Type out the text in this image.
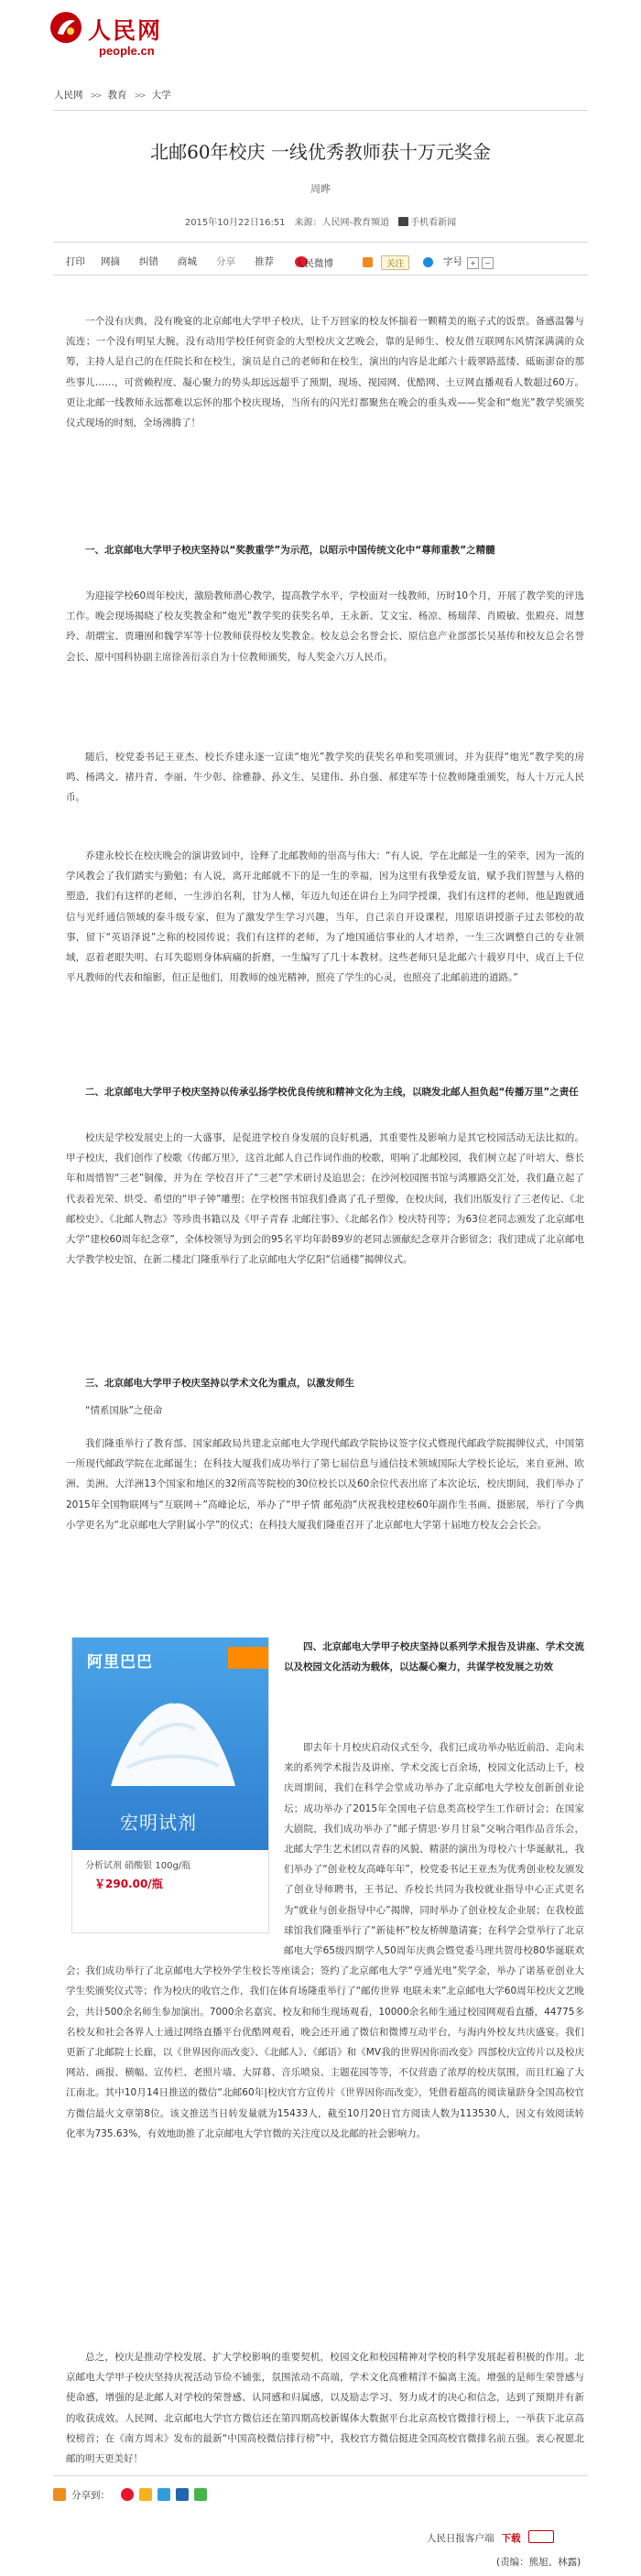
人民网
people.cn
人民网 >> 教育 >> 大学
北邮60年校庆 一线优秀教师获十万元奖金
周晔
2015年10月22日16:51 来源：人民网-教育频道 手机看新闻
打印 网摘 纠错 商城 分享 推荐 人民微博	关注	字号	+	−

一个没有庆典，没有晚宴的北京邮电大学甲子校庆，让千万回家的校友怀揣着一颗精美的瓶子式的饭票。备感温馨与流连；一个没有明星大腕，没有动用学校任何资金的大型校庆文艺晚会，靠的是师生、校友借互联网东风情深满满的众筹，主持人是自己的在任院长和在校生，演员是自己的老师和在校生，演出的内容是北邮六十载翠路蓝缕、砥砺澎奋的那些事儿……，可赏赖程度、凝心聚力的势头却远远超乎了预期，现场、视园网、优酷网、土豆网直播观看人数超过60万。更让北邮一线教师永远都难以忘怀的那个校庆现场，当所有的闪光灯都聚焦在晚会的重头戏——奖金和“炮光”教学奖颁奖仪式现场的时刻，全场沸腾了！

一、北京邮电大学甲子校庆坚持以“奖教重学”为示范，以昭示中国传统文化中“尊师重教”之精髓

为迎接学校60周年校庆，激励教师潜心教学，提高教学水平，学校面对一线教师，历时10个月，开展了教学奖的评选工作。晚会现场揭晓了校友奖教金和“炮光”教学奖的获奖名单，王永新、艾文宝、杨凉、杨瑞萍、肖殿敏、张殿亮、周慧玲、胡熠宝、贾珊囿和魏学军等十位教师获得校友奖教金。校友总会名誉会长、原信息产业部部长吴基传和校友总会名誉会长、原中国科协副主席徐善衍亲自为十位教师颁奖，每人奖金六万人民币。

随后，校党委书记王亚杰、校长乔建永逐一宣读“炮光”教学奖的获奖名单和奖项颁词，并为获得“炮光”教学奖的房鸣、杨鸿文、褚丹青、李丽、牛少彰、徐雅静、孙文生、吴建伟、孙自强、郝建军等十位教师隆重颁奖，每人十万元人民币。

乔建永校长在校庆晚会的演讲致词中，诠释了北邮教师的崇高与伟大：“有人说，学在北邮是一生的荣幸，因为一流的学风教会了我们踏实与勤勉；有人说，离开北邮就不下的是一生的幸福，因为这里有我挚爱友谊，赋予我们智慧与人格的塑造，我们有这样的老师，一生涉泊名利，甘为人梯，年迈九旬还在讲台上为同学授课，我们有这样的老师，他是跑就通信与光纤通信领域的泰斗级专家，但为了激发学生学习兴趣，当年，自己亲自开设课程，用原语讲授浙子过去邻校的故事，留下“英语泽说”之称的校园传说；我们有这样的老师，为了地国通信事业的人才培养，一生三次调整自己的专业领域，忍着老眼失明、右耳失聪则身体病痛的折磨，一生编写了几十本教材。这些老师只是北邮六十载岁月中，成百上千位平凡教师的代表和缩影，但正是他们，用教师的烛光精神，照亮了学生的心灵，也照亮了北邮前进的道路。”

二、北京邮电大学甲子校庆坚持以传承弘扬学校优良传统和精神文化为主线，以晓发北邮人担负起“传播万里”之责任

校庆是学校发展史上的一大盛事，是促进学校自身发展的良好机遇，其重要性及影响力是其它校园活动无法比拟的。甲子校庆，我们创作了校歌《传邮万里》，这首北邮人自己作词作曲的校歌，唱响了北邮校园，我们树立起了叶培大、蔡长年和周惜智“三老”铜像，并为在 学校召开了“三老”学术研讨及追思会；在沙河校园图书馆与鸿雁路交汇处，我们矗立起了代表着光荣、烘受、希望的“甲子钟”雕塑；在学校图书馆我们叠离了孔子塑像，在校庆间，我们出版发行了三老传记、《北邮校史》、《北邮人物志》等珍贵书籍以及《甲子青春 北邮往事》、《北邮名作》校庆特刊等；为63位老同志颁发了北京邮电大学“建校60周年纪念章”，全体校领导为到会的95名平均年龄89岁的老同志颁献纪念章并合影留念；我们建成了北京邮电大学教学校史馆，在新二楼北门隆重举行了北京邮电大学亿阳“信通楼”揭牌仪式。

三、北京邮电大学甲子校庆坚持以学术文化为重点，以激发师生

“情系国脉”之使命

我们隆重举行了教育部、国家邮政局共建北京邮电大学现代邮政学院协议签字仪式暨现代邮政学院揭牌仪式，中国第一所现代邮政学院在北邮诞生；在科技大厦我们成功举行了第七届信息与通信技术领域国际大学校长论坛，来自亚洲、欧洲、美洲、大洋洲13个国家和地区的32所高等院校的30位校长以及60余位代表出席了本次论坛，校庆期间，我们举办了2015年全国物联网与“互联网＋”高峰论坛，举办了“甲子情 邮苑韵”庆祝我校建校60年副作生书画、摄影展，举行了今典小学更名为“北京邮电大学附属小学”的仪式；在科技大厦我们隆重召开了北京邮电大学第十届地方校友会会长会。

阿里巴巴
宏明试剂
分析试剂 硝酸银 100g/瓶
￥290.00/瓶

四、北京邮电大学甲子校庆坚持以系列学术报告及讲座、学术交流以及校园文化活动为载体，以达凝心聚力，共谋学校发展之功效

即去年十月校庆启动仪式至今，我们已成功举办贴近前沿、走向未来的系列学术报告及讲座、学术交流七百余场，校园文化活动上千，校庆周期间，我们在科学会堂成功举办了北京邮电大学校友创新创业论坛；成功举办了2015年全国电子信息类高校学生工作研讨会；在国家大剧院，我们成功举办了“邮子情思·岁月甘泉”交响合唱作品音乐会，北邮大学生艺术团以青春的风貌、精湛的演出为母校六十华诞献礼，我们举办了“创业校友高峰年年”，校党委书记王亚杰为优秀创业校友颁发了创业导师聘书，王书记、乔校长共同为我校就业指导中心正式更名为“就业与创业指导中心”揭牌，同时举办了创业校友企业展；在我校蓝球馆我们隆重举行了“新徒杯”校友桥牌邀请赛；在科学会堂举行了北京邮电大学65级四期学人50周年庆典会暨党委马理共贺母校80华诞联欢会；我们成功举行了北京邮电大学校外学生校长等座谈会；签约了北京邮电大学“亨通光电”奖学金，举办了诺基亚创业大学生奖颁奖仪式等；作为校庆的收官之作，我们在体育场隆重举行了“邮传世界 电联未来”北京邮电大学60周年校庆文艺晚会，共计500余名师生参加演出。7000余名嘉宾、校友和师生现场观看，10000余名师生通过校园网观看直播，44775多名校友和社会各界人士通过网络直播平台优酷网观看，晚会还开通了微信和微博互动平台，与海内外校友共庆盛宴。我们更新了北邮院士长廊，以《世界因你而改变》、《北邮人》、《邮语》和《MV我的世界因你而改变》四部校庆宣传片以及校庆网站、画报、横幅、宣传栏、老照片墙、大屏幕、音乐喷泉、主题花园等等，不仅营造了浓厚的校庆氛围，而且红遍了大江南北。其中10月14日推送的微信“北邮60年|校庆官方宣传片《世界因你而改变》，凭借着超高的阅读量跻身全国高校官方微信最火文章第8位。该文推送当日转发量就为15433人，截至10月20日官方阅读人数为113530人，因文有效阅读转化率为735.63%，有效地助推了北京邮电大学官微的关注度以及北邮的社会影响力。

总之，校庆是推动学校发展、扩大学校影响的重要契机，校园文化和校园精神对学校的科学发展起着积极的作用。北京邮电大学甲子校庆坚持庆祝活动节俭不铺张，氛围浓动不高端，学术文化高雅精洋不偏离主流。增强的是师生荣誉感与使命感，增强的是北邮人对学校的荣誉感、认同感和归属感，以及励志学习、努力成才的决心和信念，达到了预期并有新的收获成效。人民网、北京邮电大学官方微信还在第四期高校新媒体大数据平台北京高校官微排行榜上，一举获下北京高校榜首；在《南方周末》发布的最新“中国高校微信排行榜”中，我校官方微信挺进全国高校官微排名前五强。衷心祝愿北邮的明天更美好！

分享到：
人民日报客户端 下载
(责编：熊旭、林露)
